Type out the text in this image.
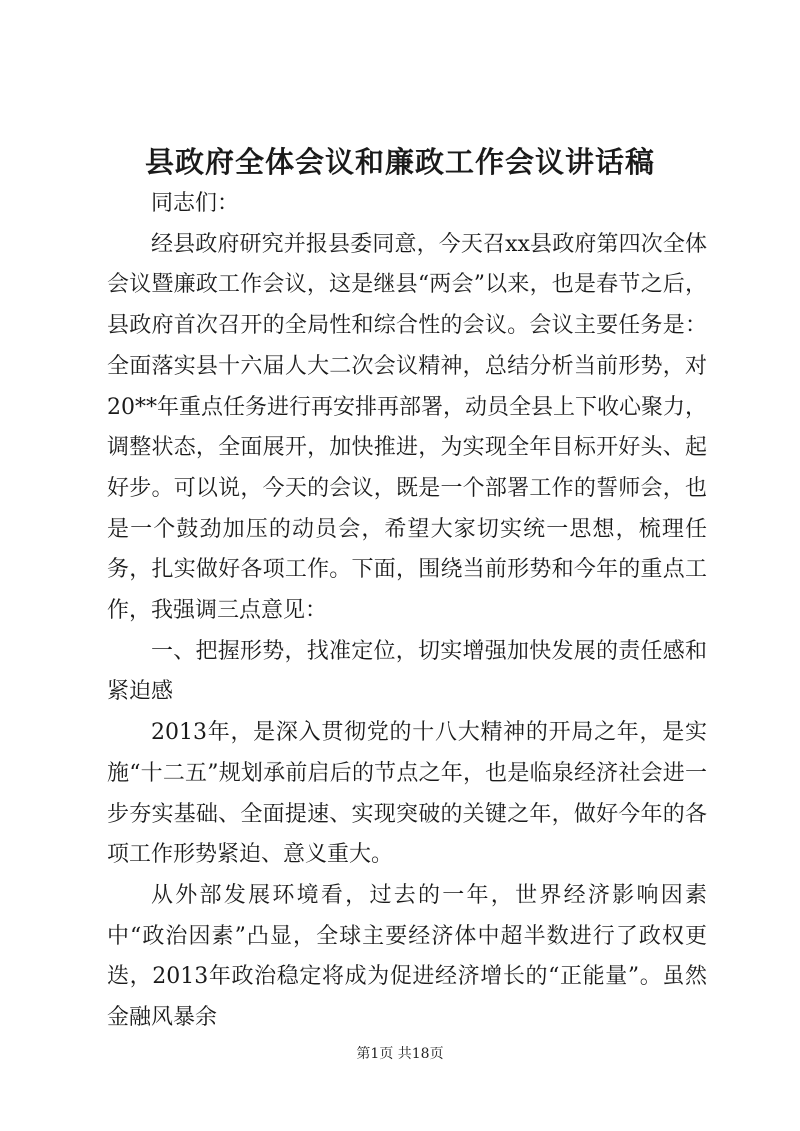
县政府全体会议和廉政工作会议讲话稿

同志们：

经县政府研究并报县委同意，今天召xx县政府第四次全体会议暨廉政工作会议，这是继县“两会”以来，也是春节之后，县政府首次召开的全局性和综合性的会议。会议主要任务是：全面落实县十六届人大二次会议精神，总结分析当前形势，对20**年重点任务进行再安排再部署，动员全县上下收心聚力，调整状态，全面展开，加快推进，为实现全年目标开好头、起好步。可以说，今天的会议，既是一个部署工作的誓师会，也是一个鼓劲加压的动员会，希望大家切实统一思想，梳理任务，扎实做好各项工作。下面，围绕当前形势和今年的重点工作，我强调三点意见：

一、把握形势，找准定位，切实增强加快发展的责任感和紧迫感

2013年，是深入贯彻党的十八大精神的开局之年，是实施“十二五”规划承前启后的节点之年，也是临泉经济社会进一步夯实基础、全面提速、实现突破的关键之年，做好今年的各项工作形势紧迫、意义重大。

从外部发展环境看，过去的一年，世界经济影响因素中“政治因素”凸显，全球主要经济体中超半数进行了政权更迭，2013年政治稳定将成为促进经济增长的“正能量”。虽然金融风暴余

第1页 共18页
